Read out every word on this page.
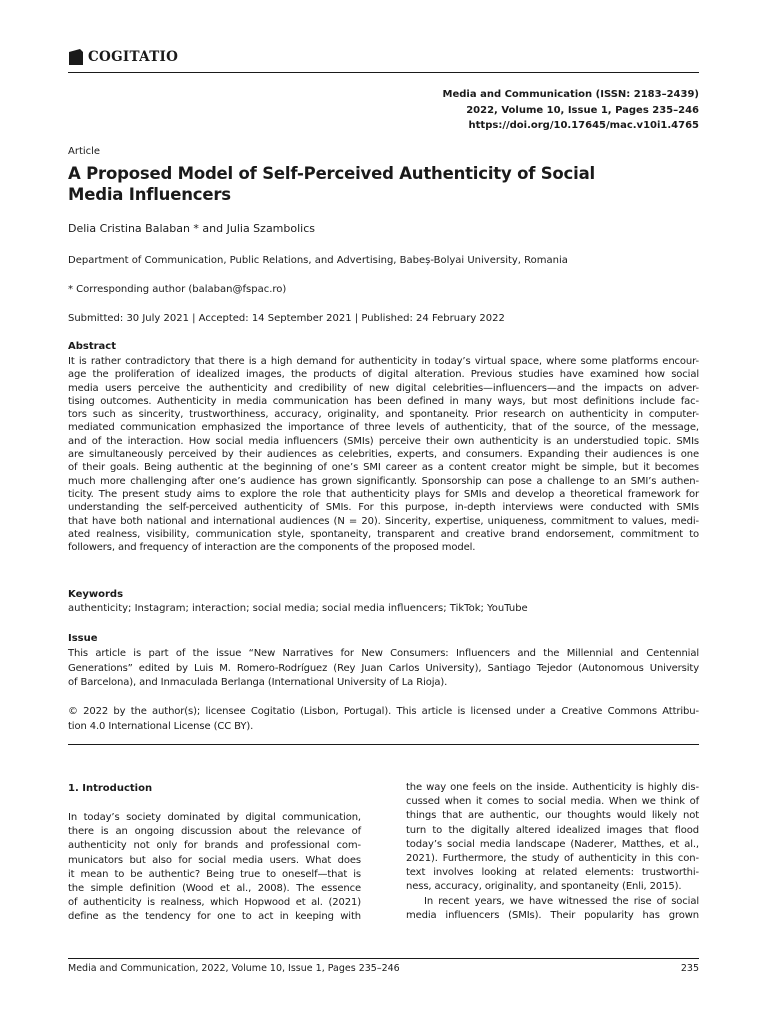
COGITATIO
Media and Communication (ISSN: 2183–2439)
2022, Volume 10, Issue 1, Pages 235–246
https://doi.org/10.17645/mac.v10i1.4765
Article
A Proposed Model of Self-Perceived Authenticity of Social
Media Influencers
Delia Cristina Balaban * and Julia Szambolics
Department of Communication, Public Relations, and Advertising, Babeș-Bolyai University, Romania
* Corresponding author (balaban@fspac.ro)
Submitted: 30 July 2021 | Accepted: 14 September 2021 | Published: 24 February 2022
Abstract
It is rather contradictory that there is a high demand for authenticity in today’s virtual space, where some platforms encour-
age the proliferation of idealized images, the products of digital alteration. Previous studies have examined how social
media users perceive the authenticity and credibility of new digital celebrities—influencers—and the impacts on adver-
tising outcomes. Authenticity in media communication has been defined in many ways, but most definitions include fac-
tors such as sincerity, trustworthiness, accuracy, originality, and spontaneity. Prior research on authenticity in computer-
mediated communication emphasized the importance of three levels of authenticity, that of the source, of the message,
and of the interaction. How social media influencers (SMIs) perceive their own authenticity is an understudied topic. SMIs
are simultaneously perceived by their audiences as celebrities, experts, and consumers. Expanding their audiences is one
of their goals. Being authentic at the beginning of one’s SMI career as a content creator might be simple, but it becomes
much more challenging after one’s audience has grown significantly. Sponsorship can pose a challenge to an SMI’s authen-
ticity. The present study aims to explore the role that authenticity plays for SMIs and develop a theoretical framework for
understanding the self-perceived authenticity of SMIs. For this purpose, in-depth interviews were conducted with SMIs
that have both national and international audiences (N = 20). Sincerity, expertise, uniqueness, commitment to values, medi-
ated realness, visibility, communication style, spontaneity, transparent and creative brand endorsement, commitment to
followers, and frequency of interaction are the components of the proposed model.
Keywords
authenticity; Instagram; interaction; social media; social media influencers; TikTok; YouTube
Issue
This article is part of the issue “New Narratives for New Consumers: Influencers and the Millennial and Centennial
Generations” edited by Luis M. Romero-Rodríguez (Rey Juan Carlos University), Santiago Tejedor (Autonomous University
of Barcelona), and Inmaculada Berlanga (International University of La Rioja).
© 2022 by the author(s); licensee Cogitatio (Lisbon, Portugal). This article is licensed under a Creative Commons Attribu-
tion 4.0 International License (CC BY).
1. Introduction
In today’s society dominated by digital communication,
there is an ongoing discussion about the relevance of
authenticity not only for brands and professional com-
municators but also for social media users. What does
it mean to be authentic? Being true to oneself—that is
the simple definition (Wood et al., 2008). The essence
of authenticity is realness, which Hopwood et al. (2021)
define as the tendency for one to act in keeping with
the way one feels on the inside. Authenticity is highly dis-
cussed when it comes to social media. When we think of
things that are authentic, our thoughts would likely not
turn to the digitally altered idealized images that flood
today’s social media landscape (Naderer, Matthes, et al.,
2021). Furthermore, the study of authenticity in this con-
text involves looking at related elements: trustworthi-
ness, accuracy, originality, and spontaneity (Enli, 2015).
In recent years, we have witnessed the rise of social
media influencers (SMIs). Their popularity has grown
Media and Communication, 2022, Volume 10, Issue 1, Pages 235–246	235
